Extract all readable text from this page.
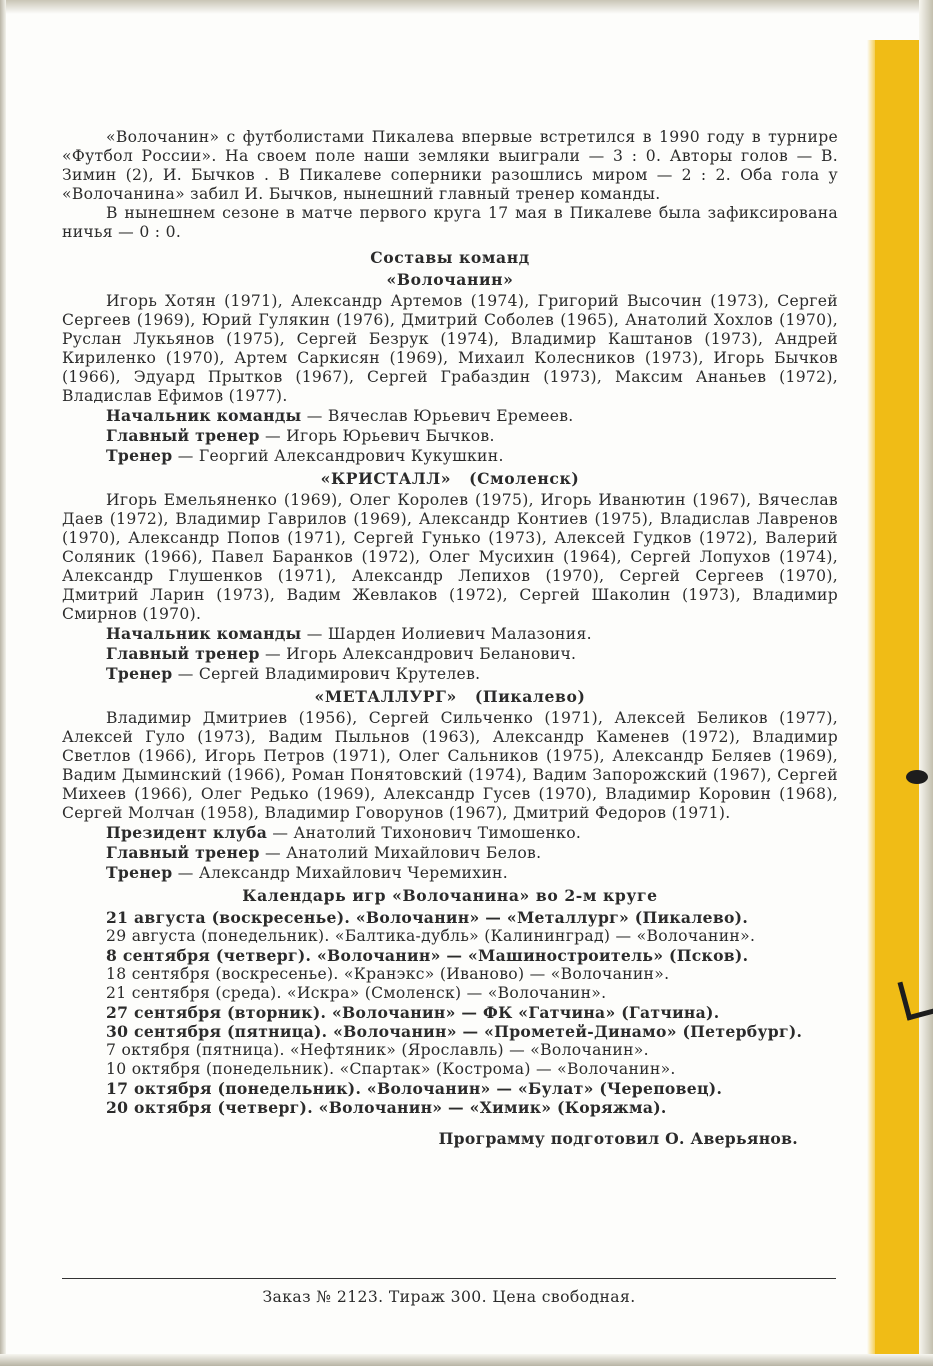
«Волочанин» с футболистами Пикалева впервые встретился в 1990 году в турнире «Футбол России». На своем поле наши земляки выиграли — 3 : 0. Авторы голов — В. Зимин (2), И. Бычков . В Пикалеве соперники разошлись миром — 2 : 2. Оба гола у «Волочанина» забил И. Бычков, нынешний главный тренер команды.

В нынешнем сезоне в матче первого круга 17 мая в Пикалеве была зафиксирована ничья — 0 : 0.

Составы команд

«Волочанин»

Игорь Хотян (1971), Александр Артемов (1974), Григорий Высочин (1973), Сергей Сергеев (1969), Юрий Гулякин (1976), Дмитрий Соболев (1965), Анатолий Хохлов (1970), Руслан Лукьянов (1975), Сергей Безрук (1974), Владимир Каштанов (1973), Андрей Кириленко (1970), Артем Саркисян (1969), Михаил Колесников (1973), Игорь Бычков (1966), Эдуард Прытков (1967), Сергей Грабаздин (1973), Максим Ананьев (1972), Владислав Ефимов (1977).

Начальник команды — Вячеслав Юрьевич Еремеев.

Главный тренер — Игорь Юрьевич Бычков.

Тренер — Георгий Александрович Кукушкин.

«КРИСТАЛЛ» (Смоленск)

Игорь Емельяненко (1969), Олег Королев (1975), Игорь Иванютин (1967), Вячеслав Даев (1972), Владимир Гаврилов (1969), Александр Контиев (1975), Владислав Лавренов (1970), Александр Попов (1971), Сергей Гунько (1973), Алексей Гудков (1972), Валерий Соляник (1966), Павел Баранков (1972), Олег Мусихин (1964), Сергей Лопухов (1974), Александр Глушенков (1971), Александр Лепихов (1970), Сергей Сергеев (1970), Дмитрий Ларин (1973), Вадим Жевлаков (1972), Сергей Шаколин (1973), Владимир Смирнов (1970).

Начальник команды — Шарден Иолиевич Малазония.

Главный тренер — Игорь Александрович Беланович.

Тренер — Сергей Владимирович Крутелев.

«МЕТАЛЛУРГ» (Пикалево)

Владимир Дмитриев (1956), Сергей Сильченко (1971), Алексей Беликов (1977), Алексей Гуло (1973), Вадим Пыльнов (1963), Александр Каменев (1972), Владимир Светлов (1966), Игорь Петров (1971), Олег Сальников (1975), Александр Беляев (1969), Вадим Дыминский (1966), Роман Понятовский (1974), Вадим Запорожский (1967), Сергей Михеев (1966), Олег Редько (1969), Александр Гусев (1970), Владимир Коровин (1968), Сергей Молчан (1958), Владимир Говорунов (1967), Дмитрий Федоров (1971).

Президент клуба — Анатолий Тихонович Тимошенко.

Главный тренер — Анатолий Михайлович Белов.

Тренер — Александр Михайлович Черемихин.

Календарь игр «Волочанина» во 2-м круге

21 августа (воскресенье). «Волочанин» — «Металлург» (Пикалево).

29 августа (понедельник). «Балтика-дубль» (Калининград) — «Волочанин».

8 сентября (четверг). «Волочанин» — «Машиностроитель» (Псков).

18 сентября (воскресенье). «Кранэкс» (Иваново) — «Волочанин».

21 сентября (среда). «Искра» (Смоленск) — «Волочанин».

27 сентября (вторник). «Волочанин» — ФК «Гатчина» (Гатчина).

30 сентября (пятница). «Волочанин» — «Прометей-Динамо» (Петербург).

7 октября (пятница). «Нефтяник» (Ярославль) — «Волочанин».

10 октября (понедельник). «Спартак» (Кострома) — «Волочанин».

17 октября (понедельник). «Волочанин» — «Булат» (Череповец).

20 октября (четверг). «Волочанин» — «Химик» (Коряжма).

Программу подготовил О. Аверьянов.

Заказ № 2123. Тираж 300. Цена свободная.
